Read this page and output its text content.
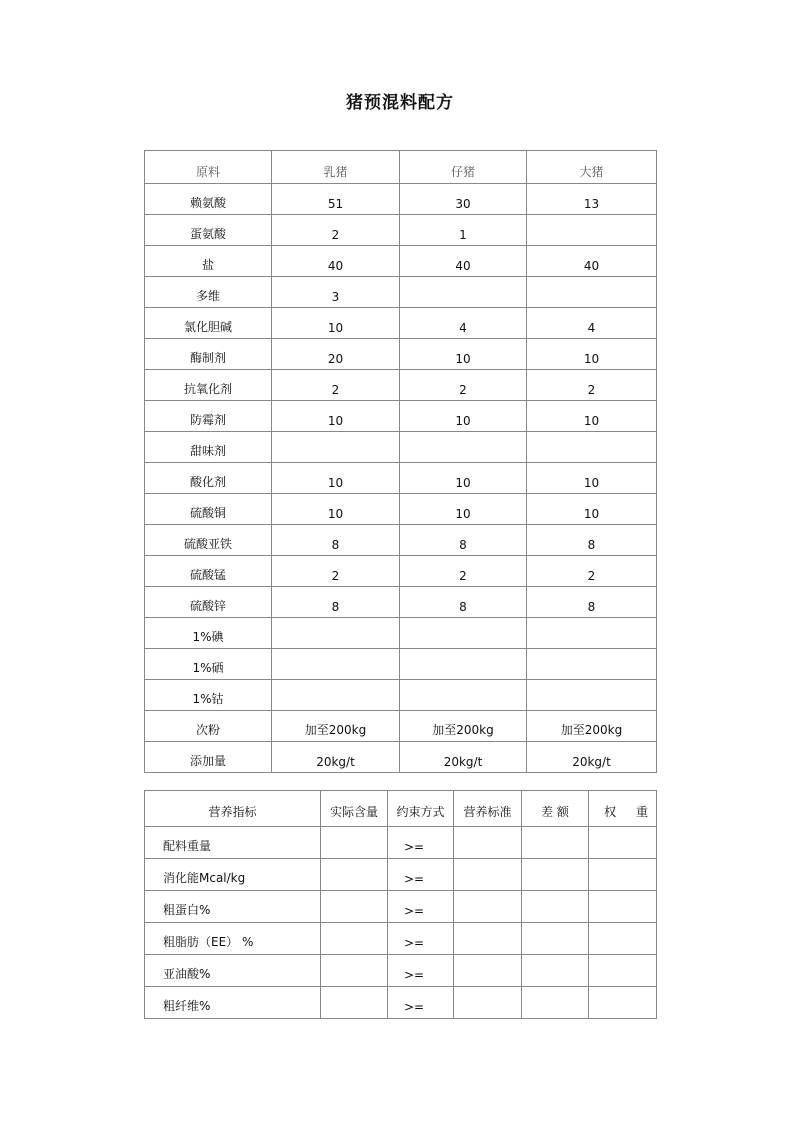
猪预混料配方
原料	乳猪	仔猪	大猪
赖氨酸	51	30	13
蛋氨酸	2	1	
盐	40	40	40
多维	3		
氯化胆碱	10	4	4
酶制剂	20	10	10
抗氧化剂	2	2	2
防霉剂	10	10	10
甜味剂			
酸化剂	10	10	10
硫酸铜	10	10	10
硫酸亚铁	8	8	8
硫酸锰	2	2	2
硫酸锌	8	8	8
1%碘			
1%硒			
1%钴			
次粉	加至200kg	加至200kg	加至200kg
添加量	20kg/t	20kg/t	20kg/t
营养指标	实际含量	约束方式	营养标准	差 额	权 重
配料重量		>=			
消化能Mcal/kg		>=			
粗蛋白%		>=			
粗脂肪（EE） %		>=			
亚油酸%		>=			
粗纤维%		>=			
